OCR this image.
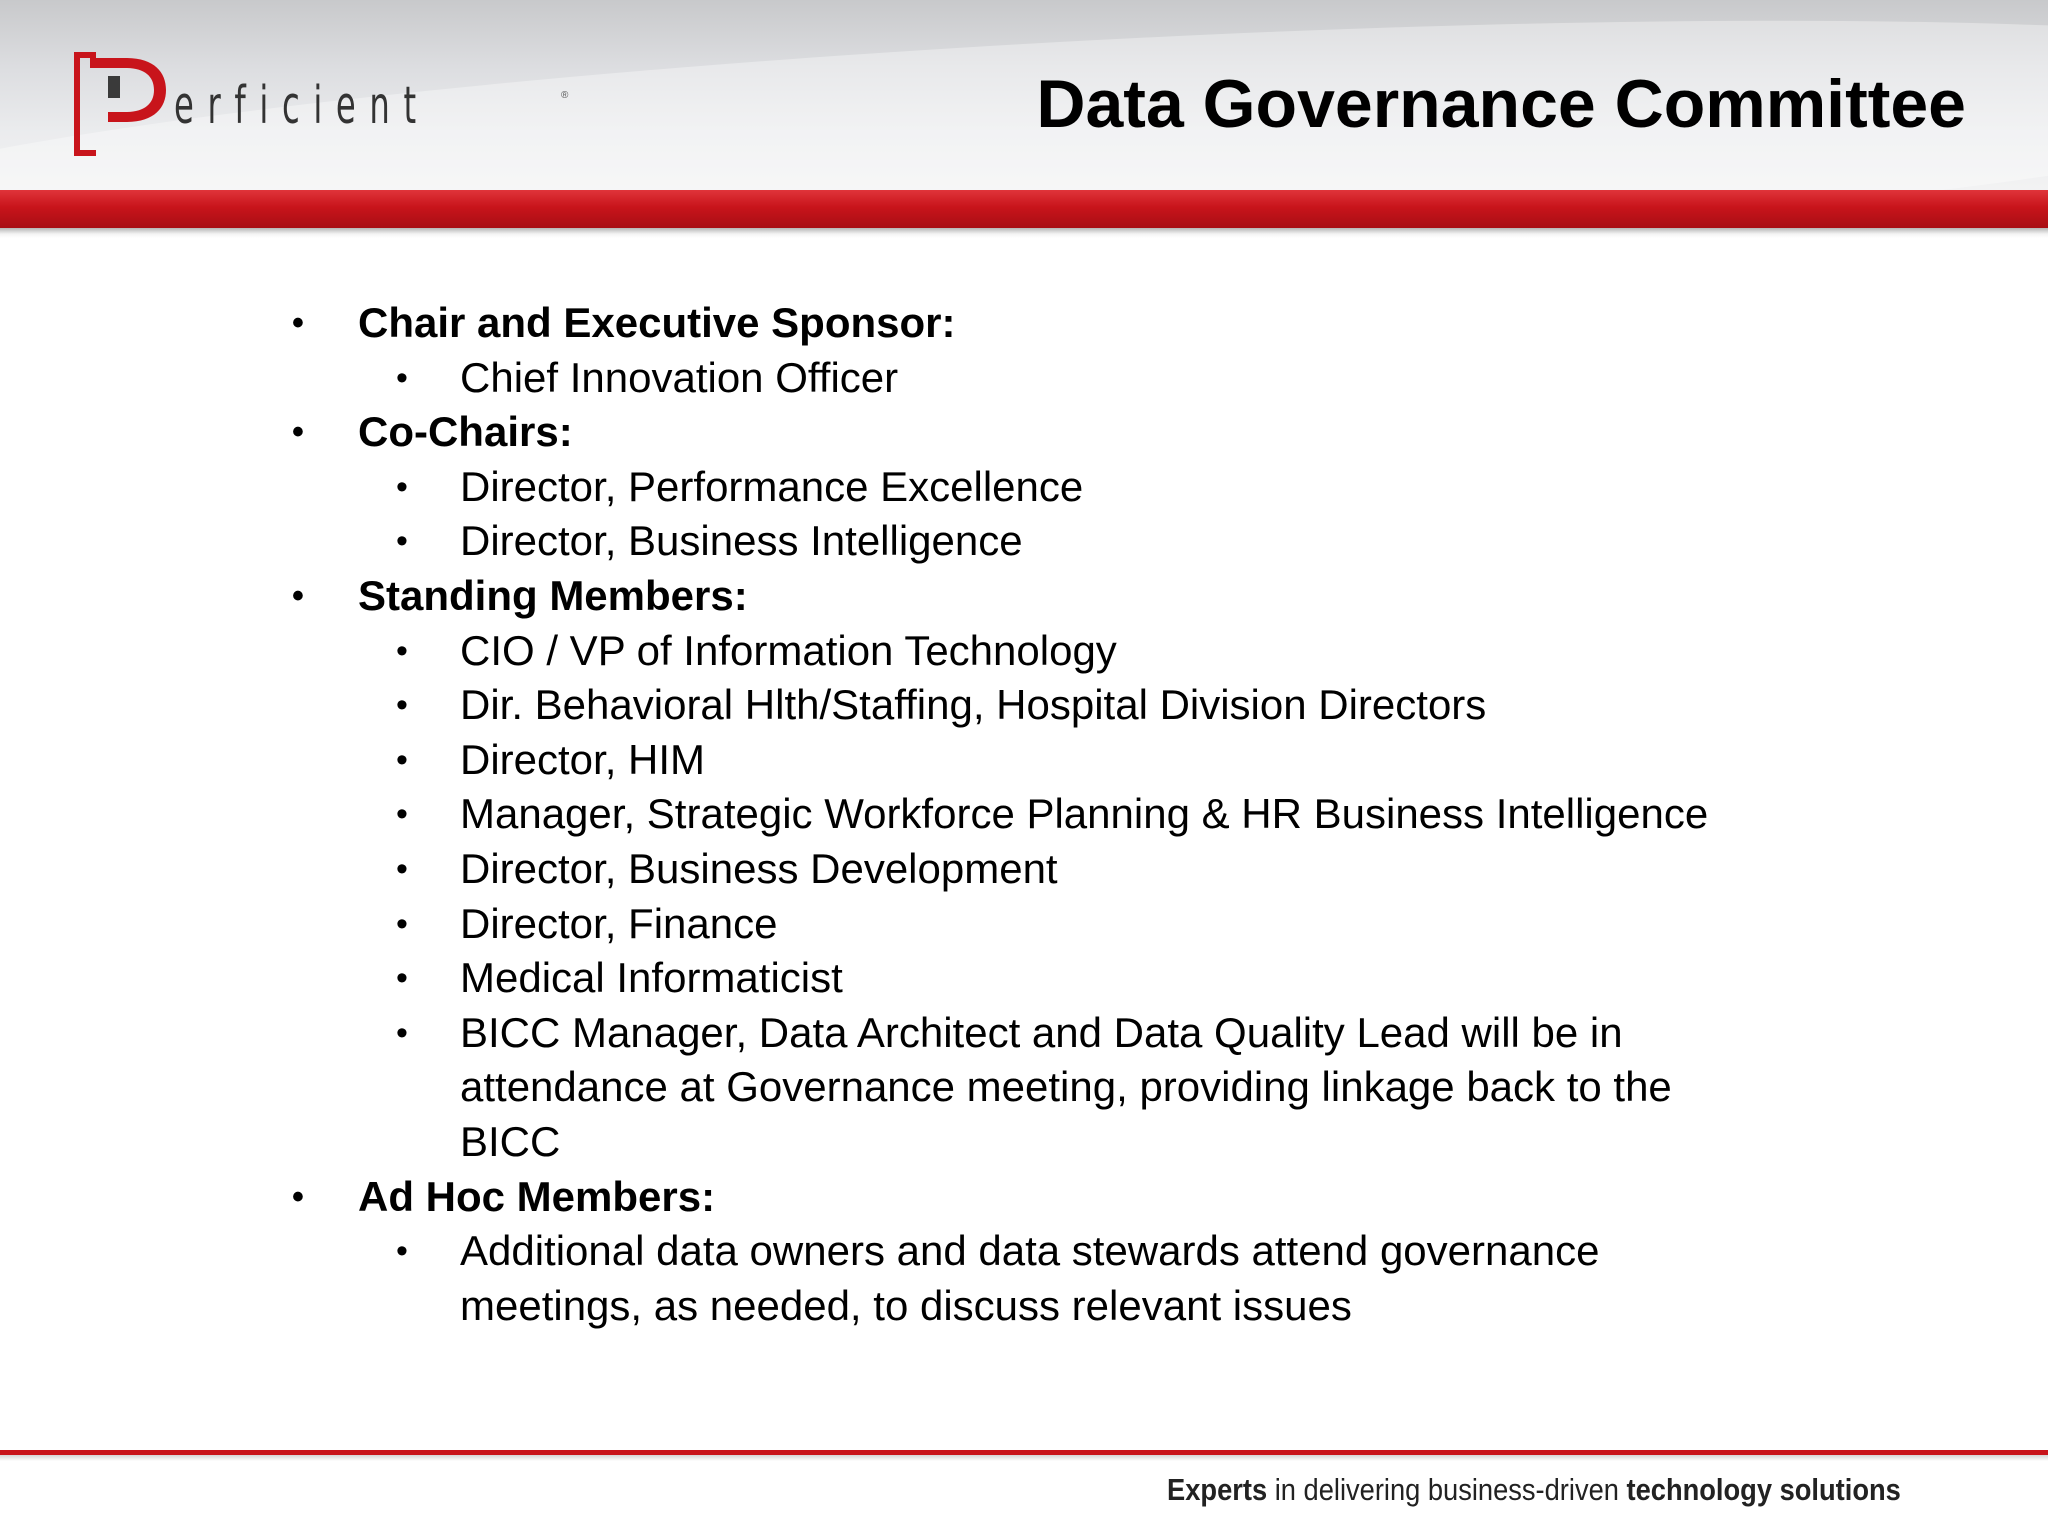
erficient	®	Data Governance Committee
• Chair and Executive Sponsor:
• Chief Innovation Officer
• Co-Chairs:
• Director, Performance Excellence
• Director, Business Intelligence
• Standing Members:
• CIO / VP of Information Technology
• Dir. Behavioral Hlth/Staffing, Hospital Division Directors
• Director, HIM
• Manager, Strategic Workforce Planning & HR Business Intelligence
• Director, Business Development
• Director, Finance
• Medical Informaticist
• BICC Manager, Data Architect and Data Quality Lead will be in attendance at Governance meeting, providing linkage back to the BICC
• Ad Hoc Members:
• Additional data owners and data stewards attend governance meetings, as needed, to discuss relevant issues
Experts in delivering business-driven technology solutions
